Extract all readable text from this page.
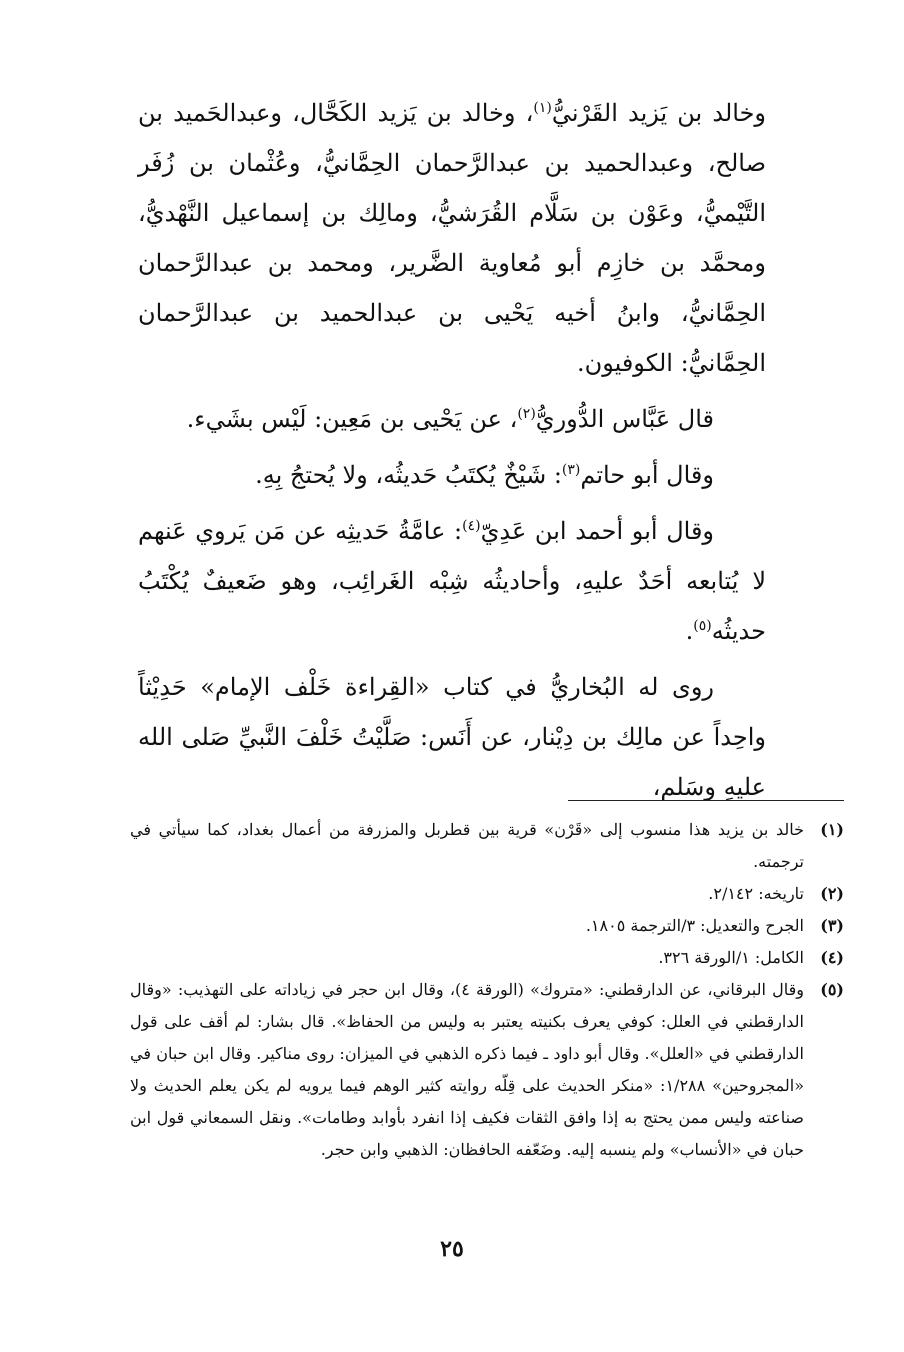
وخالد بن يَزيد القَرْنيُّ$^{(١)}$، وخالد بن يَزيد الكَحَّال، وعبدالحَميد بن صالح، وعبدالحميد بن عبدالرَّحمان الحِمَّانيُّ، وعُثْمان بن زُفَر التَّيْميُّ، وعَوْن بن سَلَّام القُرَشيُّ، ومالِك بن إسماعيل النَّهْديُّ، ومحمَّد بن خازِم أبو مُعاوية الضَّرير، ومحمد بن عبدالرَّحمان الحِمَّانيُّ، وابنُ أخيه يَحْيى بن عبدالحميد بن عبدالرَّحمان الحِمَّانيُّ: الكوفيون.

قال عَبَّاس الدُّوريُّ$^{(٢)}$، عن يَحْيى بن مَعِين: لَيْس بشَيء.

وقال أبو حاتم$^{(٣)}$: شَيْخٌ يُكتَبُ حَديثُه، ولا يُحتجُ بِهِ.

وقال أبو أحمد ابن عَدِيّ$^{(٤)}$: عامَّةُ حَديثِه عن مَن يَروي عَنهم لا يُتابعه أحَدٌ عليهِ، وأحاديثُه شِبْه الغَرائِب، وهو ضَعيفٌ يُكْتَبُ حديثُه$^{(٥)}$.

روى له البُخاريُّ في كتاب «القِراءة خَلْف الإمام» حَدِيْثاً واحِداً عن مالِك بن دِيْنار، عن أَنَس: صَلَّيْتُ خَلْفَ النَّبيِّ صَلى الله عليهِ وسَلم،

(١)
خالد بن يزيد هذا منسوب إلى «قَرْن» قرية بين قطربل والمزرفة من أعمال بغداد، كما سيأتي في ترجمته.
(٢)
تاريخه: ٢/١٤٢.
(٣)
الجرح والتعديل: ٣/الترجمة ١٨٠٥.
(٤)
الكامل: ١/الورقة ٣٢٦.
(٥)
وقال البرقاني، عن الدارقطني: «متروك» (الورقة ٤)، وقال ابن حجر في زياداته على التهذيب: «وقال الدارقطني في العلل: كوفي يعرف بكنيته يعتبر به وليس من الحفاظ». قال بشار: لم أقف على قول الدارقطني في «العلل». وقال أبو داود ـ فيما ذكره الذهبي في الميزان: روى مناكير. وقال ابن حبان في «المجروحين» ١/٢٨٨: «منكر الحديث على قِلّه روايته كثير الوهم فيما يرويه لم يكن يعلم الحديث ولا صناعته وليس ممن يحتج به إذا وافق الثقات فكيف إذا انفرد بأوابد وطامات». ونقل السمعاني قول ابن حبان في «الأنساب» ولم ينسبه إليه. وضَعّفه الحافظان: الذهبي وابن حجر.
٢٥
